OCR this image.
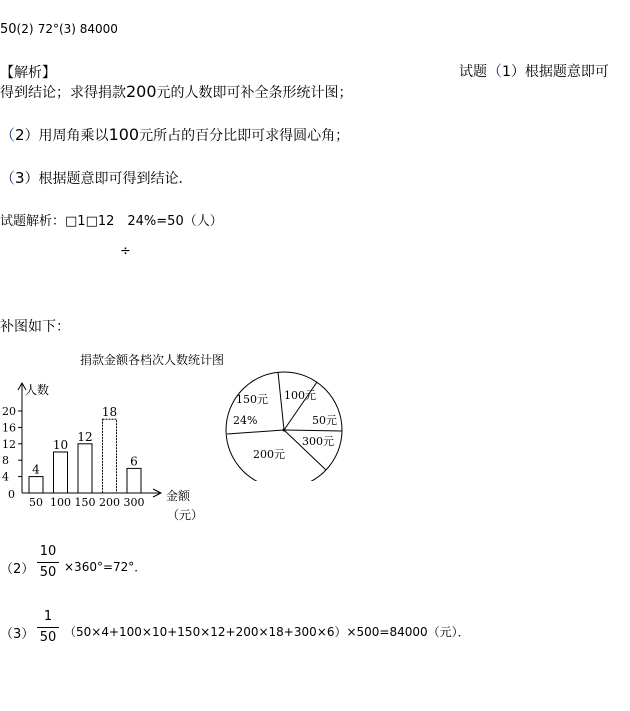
50(2) 72°(3) 84000
【解析】	试题（1）根据题意即可
得到结论；求得捐款200元的人数即可补全条形统计图；
（2）用周角乘以100元所占的百分比即可求得圆心角；
（3）根据题意即可得到结论．
试题解析：□1□12　24%=50（人）
÷
补图如下：
捐款金额各档次人数统计图
4
8
12
16
20
4
50
10
100
12
150
18
200
6
300
人数
0	金额
（元）
150元
24%
100元
50元
300元
200元
（2）
10
50 ×360°=72°．
（3）
1
50 （50×4+100×10+150×12+200×18+300×6）×500=84000（元）．
